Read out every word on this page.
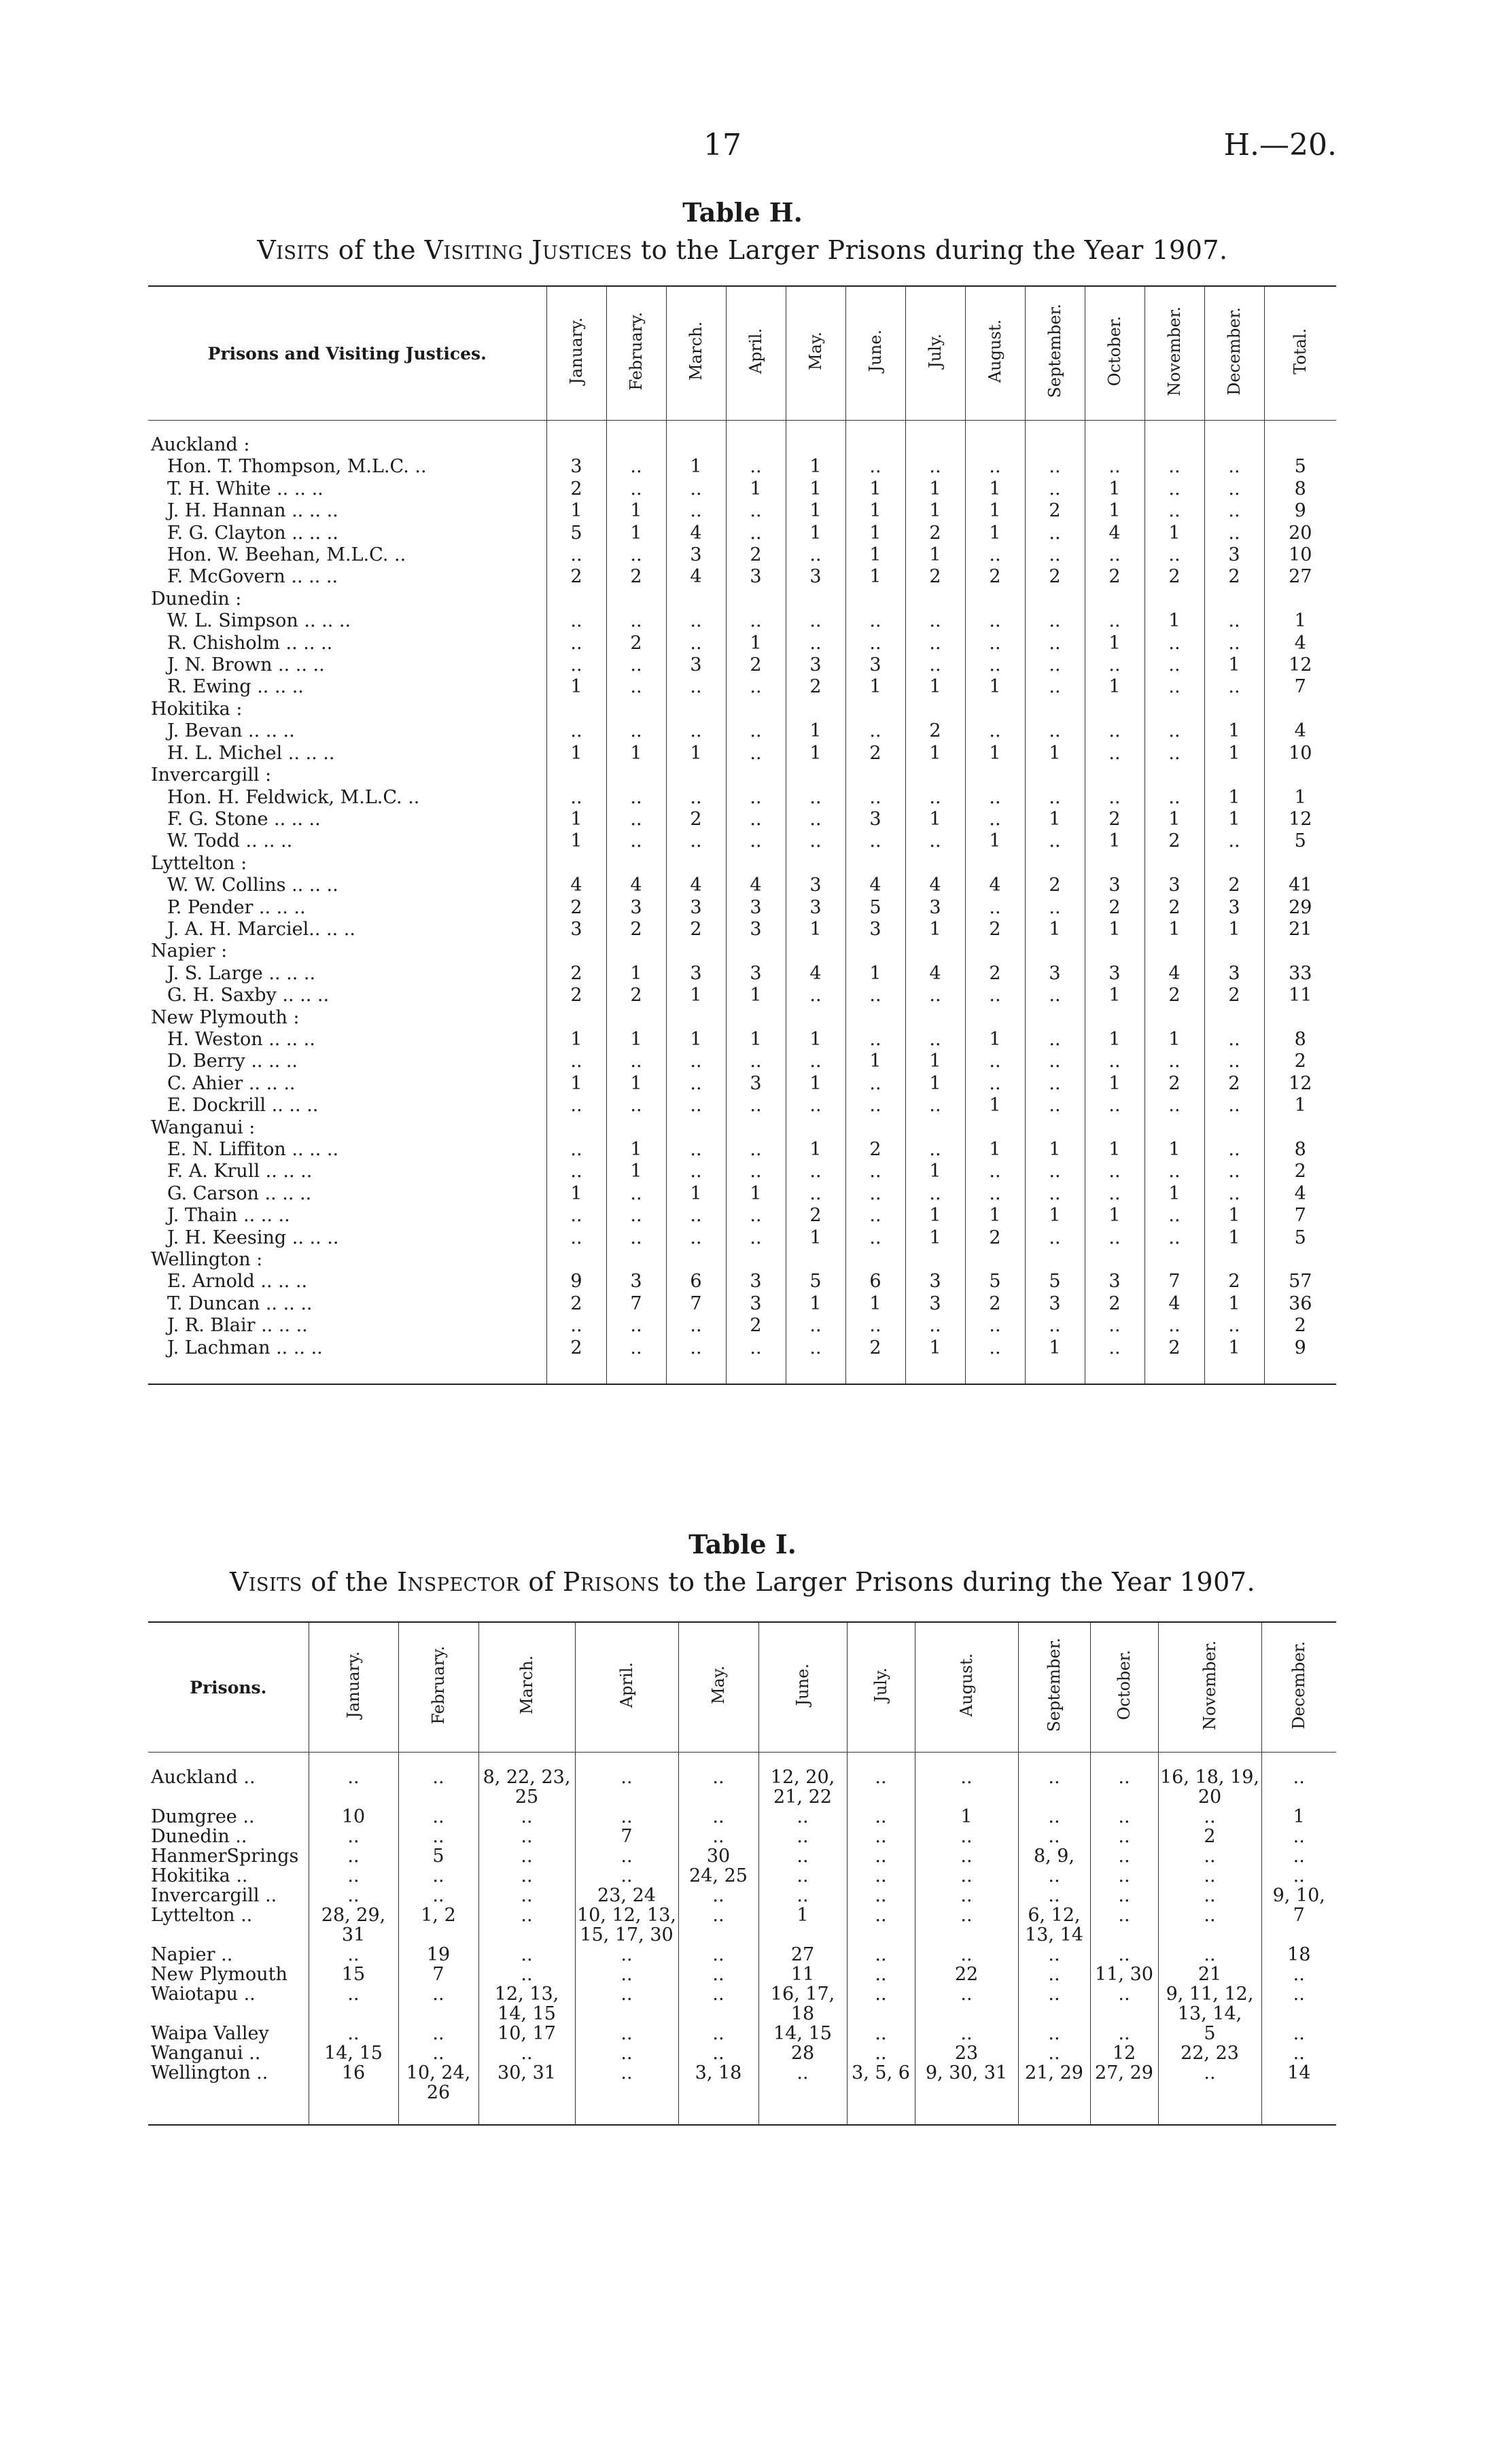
17	H.—20.
Table H.
Visits of the Visiting Justices to the Larger Prisons during the Year 1907.
Prisons and Visiting Justices.	January.	February.	March.	April.	May.	June.	July.	August.	September.	October.	November.	December.	Total.
Auckland :													
Hon. T. Thompson, M.L.C. ..	3	..	1	..	1	..	..	..	..	..	..	..	5
T. H. White .. .. ..	2	..	..	1	1	1	1	1	..	1	..	..	8
J. H. Hannan .. .. ..	1	1	..	..	1	1	1	1	2	1	..	..	9
F. G. Clayton .. .. ..	5	1	4	..	1	1	2	1	..	4	1	..	20
Hon. W. Beehan, M.L.C. ..	..	..	3	2	..	1	1	..	..	..	..	3	10
F. McGovern .. .. ..	2	2	4	3	3	1	2	2	2	2	2	2	27
Dunedin :													
W. L. Simpson .. .. ..	..	..	..	..	..	..	..	..	..	..	1	..	1
R. Chisholm .. .. ..	..	2	..	1	..	..	..	..	..	1	..	..	4
J. N. Brown .. .. ..	..	..	3	2	3	3	..	..	..	..	..	1	12
R. Ewing .. .. ..	1	..	..	..	2	1	1	1	..	1	..	..	7
Hokitika :													
J. Bevan .. .. ..	..	..	..	..	1	..	2	..	..	..	..	1	4
H. L. Michel .. .. ..	1	1	1	..	1	2	1	1	1	..	..	1	10
Invercargill :													
Hon. H. Feldwick, M.L.C. ..	..	..	..	..	..	..	..	..	..	..	..	1	1
F. G. Stone .. .. ..	1	..	2	..	..	3	1	..	1	2	1	1	12
W. Todd .. .. ..	1	..	..	..	..	..	..	1	..	1	2	..	5
Lyttelton :													
W. W. Collins .. .. ..	4	4	4	4	3	4	4	4	2	3	3	2	41
P. Pender .. .. ..	2	3	3	3	3	5	3	..	..	2	2	3	29
J. A. H. Marciel.. .. ..	3	2	2	3	1	3	1	2	1	1	1	1	21
Napier :													
J. S. Large .. .. ..	2	1	3	3	4	1	4	2	3	3	4	3	33
G. H. Saxby .. .. ..	2	2	1	1	..	..	..	..	..	1	2	2	11
New Plymouth :													
H. Weston .. .. ..	1	1	1	1	1	..	..	1	..	1	1	..	8
D. Berry .. .. ..	..	..	..	..	..	1	1	..	..	..	..	..	2
C. Ahier .. .. ..	1	1	..	3	1	..	1	..	..	1	2	2	12
E. Dockrill .. .. ..	..	..	..	..	..	..	..	1	..	..	..	..	1
Wanganui :													
E. N. Liffiton .. .. ..	..	1	..	..	1	2	..	1	1	1	1	..	8
F. A. Krull .. .. ..	..	1	..	..	..	..	1	..	..	..	..	..	2
G. Carson .. .. ..	1	..	1	1	..	..	..	..	..	..	1	..	4
J. Thain .. .. ..	..	..	..	..	2	..	1	1	1	1	..	1	7
J. H. Keesing .. .. ..	..	..	..	..	1	..	1	2	..	..	..	1	5
Wellington :													
E. Arnold .. .. ..	9	3	6	3	5	6	3	5	5	3	7	2	57
T. Duncan .. .. ..	2	7	7	3	1	1	3	2	3	2	4	1	36
J. R. Blair .. .. ..	..	..	..	2	..	..	..	..	..	..	..	..	2
J. Lachman .. .. ..	2	..	..	..	..	2	1	..	1	..	2	1	9
Table I.
Visits of the Inspector of Prisons to the Larger Prisons during the Year 1907.
Prisons.	January.	February.	March.	April.	May.	June.	July.	August.	September.	October.	November.	December.
Auckland ..	..	..	8, 22, 23, 25	..	..	12, 20, 21, 22	..	..	..	..	16, 18, 19, 20	..
Dumgree ..	10	..	..	..	..	..	..	1	..	..	..	1
Dunedin ..	..	..	..	7	..	..	..	..	..	..	2	..
HanmerSprings	..	5	..	..	30	..	..	..	8, 9,	..	..	..
Hokitika ..	..	..	..	..	24, 25	..	..	..	..	..	..	..
Invercargill ..	..	..	..	23, 24	..	..	..	..	..	..	..	9, 10,
Lyttelton ..	28, 29, 31	1, 2	..	10, 12, 13, 15, 17, 30	..	1	..	..	6, 12, 13, 14	..	..	7
Napier ..	..	19	..	..	..	27	..	..	..	..	..	18
New Plymouth	15	7	..	..	..	11	..	22	..	11, 30	21	..
Waiotapu ..	..	..	12, 13, 14, 15	..	..	16, 17, 18	..	..	..	..	9, 11, 12, 13, 14,	..
Waipa Valley	..	..	10, 17	..	..	14, 15	..	..	..	..	5	..
Wanganui ..	14, 15	..	..	..	..	28	..	23	..	12	22, 23	..
Wellington ..	16	10, 24, 26	30, 31	..	3, 18	..	3, 5, 6	9, 30, 31	21, 29	27, 29	..	14
